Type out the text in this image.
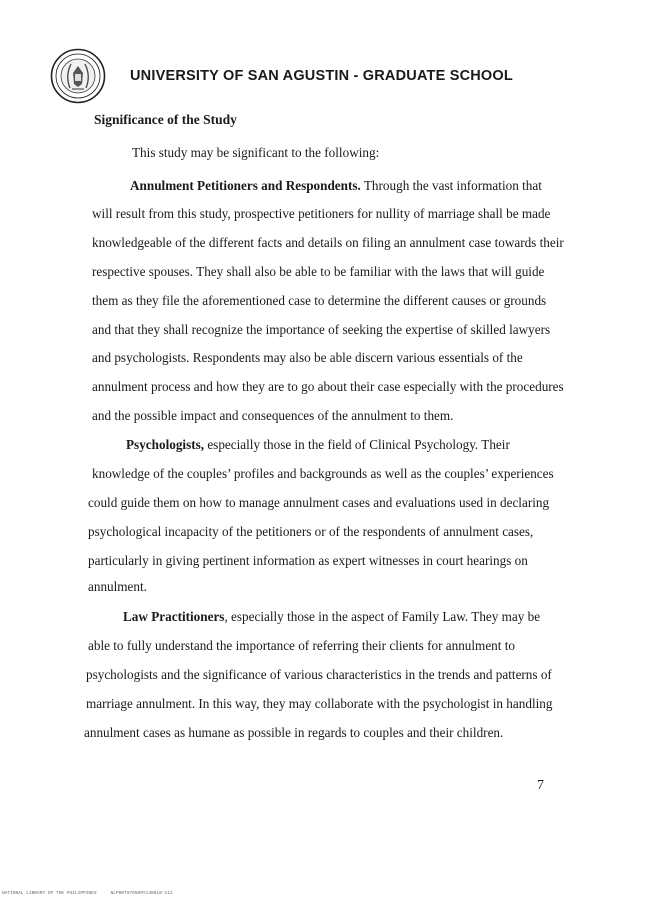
UNIVERSITY OF SAN AGUSTIN - GRADUATE SCHOOL
Significance of the Study

This study may be significant to the following:

Annulment Petitioners and Respondents. Through the vast information that

will result from this study, prospective petitioners for nullity of marriage shall be made

knowledgeable of the different facts and details on filing an annulment case towards their

respective spouses. They shall also be able to be familiar with the laws that will guide

them as they file the aforementioned case to determine the different causes or grounds

and that they shall recognize the importance of seeking the expertise of skilled lawyers

and psychologists. Respondents may also be able discern various essentials of the

annulment process and how they are to go about their case especially with the procedures

and the possible impact and consequences of the annulment to them.

Psychologists, especially those in the field of Clinical Psychology. Their

knowledge of the couples’ profiles and backgrounds as well as the couples’ experiences

could guide them on how to manage annulment cases and evaluations used in declaring

psychological incapacity of the petitioners or of the respondents of annulment cases,

particularly in giving pertinent information as expert witnesses in court hearings on

annulment.

Law Practitioners, especially those in the aspect of Family Law. They may be

able to fully understand the importance of referring their clients for annulment to

psychologists and the significance of various characteristics in the trends and patterns of

marriage annulment. In this way, they may collaborate with the psychologist in handling

annulment cases as humane as possible in regards to couples and their children.

7
NATIONAL LIBRARY OF THE PHILIPPINES	NLP00TS70509Y140810-112
